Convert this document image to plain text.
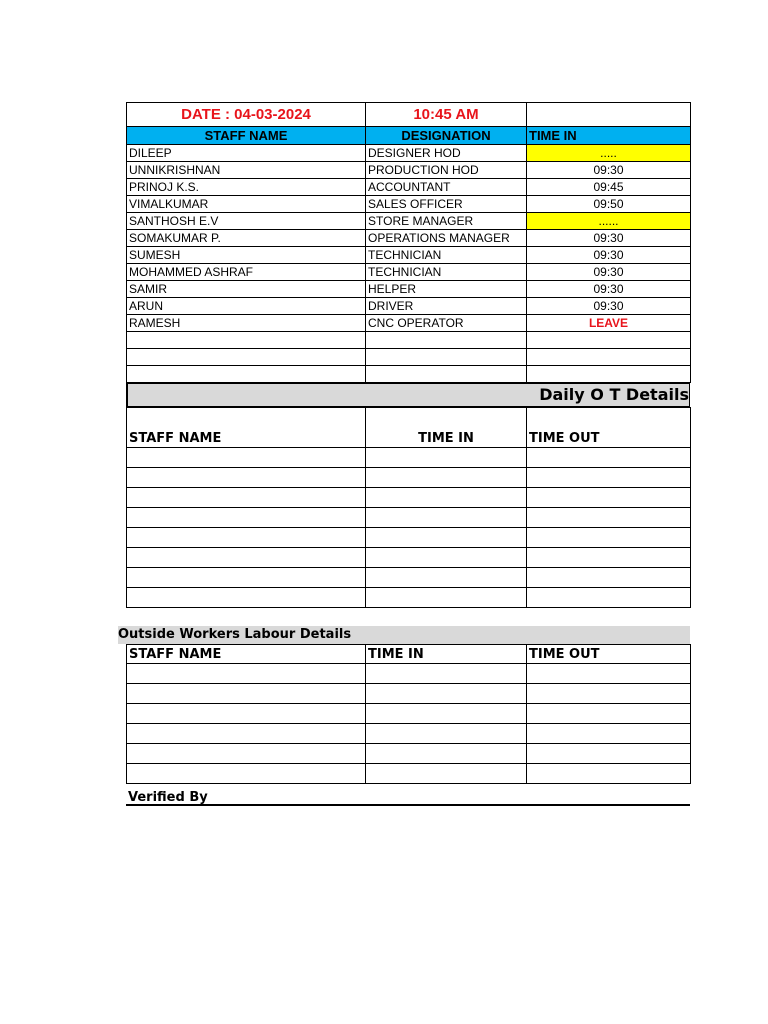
DATE : 04-03-2024	10:45 AM	
STAFF NAME	DESIGNATION	TIME IN
DILEEP	DESIGNER HOD	.....
UNNIKRISHNAN	PRODUCTION HOD	09:30
PRINOJ K.S.	ACCOUNTANT	09:45
VIMALKUMAR	SALES OFFICER	09:50
SANTHOSH E.V	STORE MANAGER	......
SOMAKUMAR P.	OPERATIONS MANAGER	09:30
SUMESH	TECHNICIAN	09:30
MOHAMMED ASHRAF	TECHNICIAN	09:30
SAMIR	HELPER	09:30
ARUN	DRIVER	09:30
RAMESH	CNC OPERATOR	LEAVE

Daily O T Details
STAFF NAME	TIME IN	TIME OUT

Outside Workers Labour Details
STAFF NAME	TIME IN	TIME OUT

Verified By
